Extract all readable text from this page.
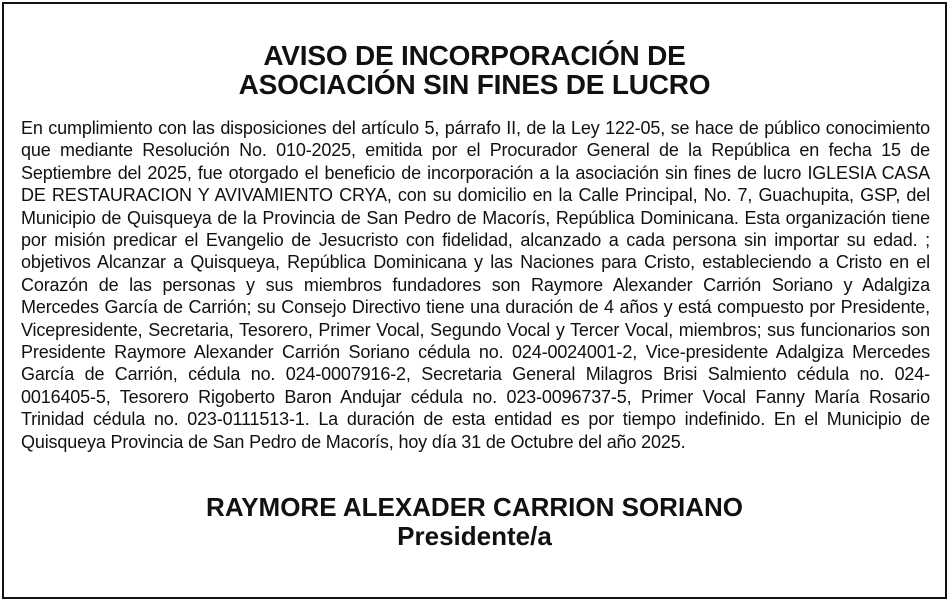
AVISO DE INCORPORACIÓN DE
ASOCIACIÓN SIN FINES DE LUCRO

En cumplimiento con las disposiciones del artículo 5, párrafo II, de la Ley 122-05, se hace de público conocimiento que mediante Resolución No. 010-2025, emitida por el Procurador General de la República en fecha 15 de Septiembre del 2025, fue otorgado el beneficio de incorporación a la asociación sin fines de lucro IGLESIA CASA DE RESTAURACION Y AVIVAMIENTO CRYA, con su domicilio en la Calle Principal, No. 7, Guachupita, GSP, del Municipio de Quisqueya de la Provincia de San Pedro de Macorís, República Dominicana. Esta organización tiene por misión predicar el Evangelio de Jesucristo con fidelidad, alcanzado a cada persona sin importar su edad. ; objetivos Alcanzar a Quisqueya, República Dominicana y las Naciones para Cristo, estableciendo a Cristo en el Corazón de las personas y sus miembros fundadores son Raymore Alexander Carrión Soriano y Adalgiza Mercedes García de Carrión; su Consejo Directivo tiene una duración de 4 años y está compuesto por Presidente, Vicepresidente, Secretaria, Tesorero, Primer Vocal, Segundo Vocal y Tercer Vocal, miembros; sus funcionarios son Presidente Raymore Alexander Carrión Soriano cédula no. 024-0024001-2, Vice-presidente Adalgiza Mercedes García de Carrión, cédula no. 024-0007916-2, Secretaria General Milagros Brisi Salmiento cédula no. 024-0016405-5, Tesorero Rigoberto Baron Andujar cédula no. 023-0096737-5, Primer Vocal Fanny María Rosario Trinidad cédula no. 023-0111513-1. La duración de esta entidad es por tiempo indefinido. En el Municipio de Quisqueya Provincia de San Pedro de Macorís, hoy día 31 de Octubre del año 2025.

RAYMORE ALEXADER CARRION SORIANO
Presidente/a
